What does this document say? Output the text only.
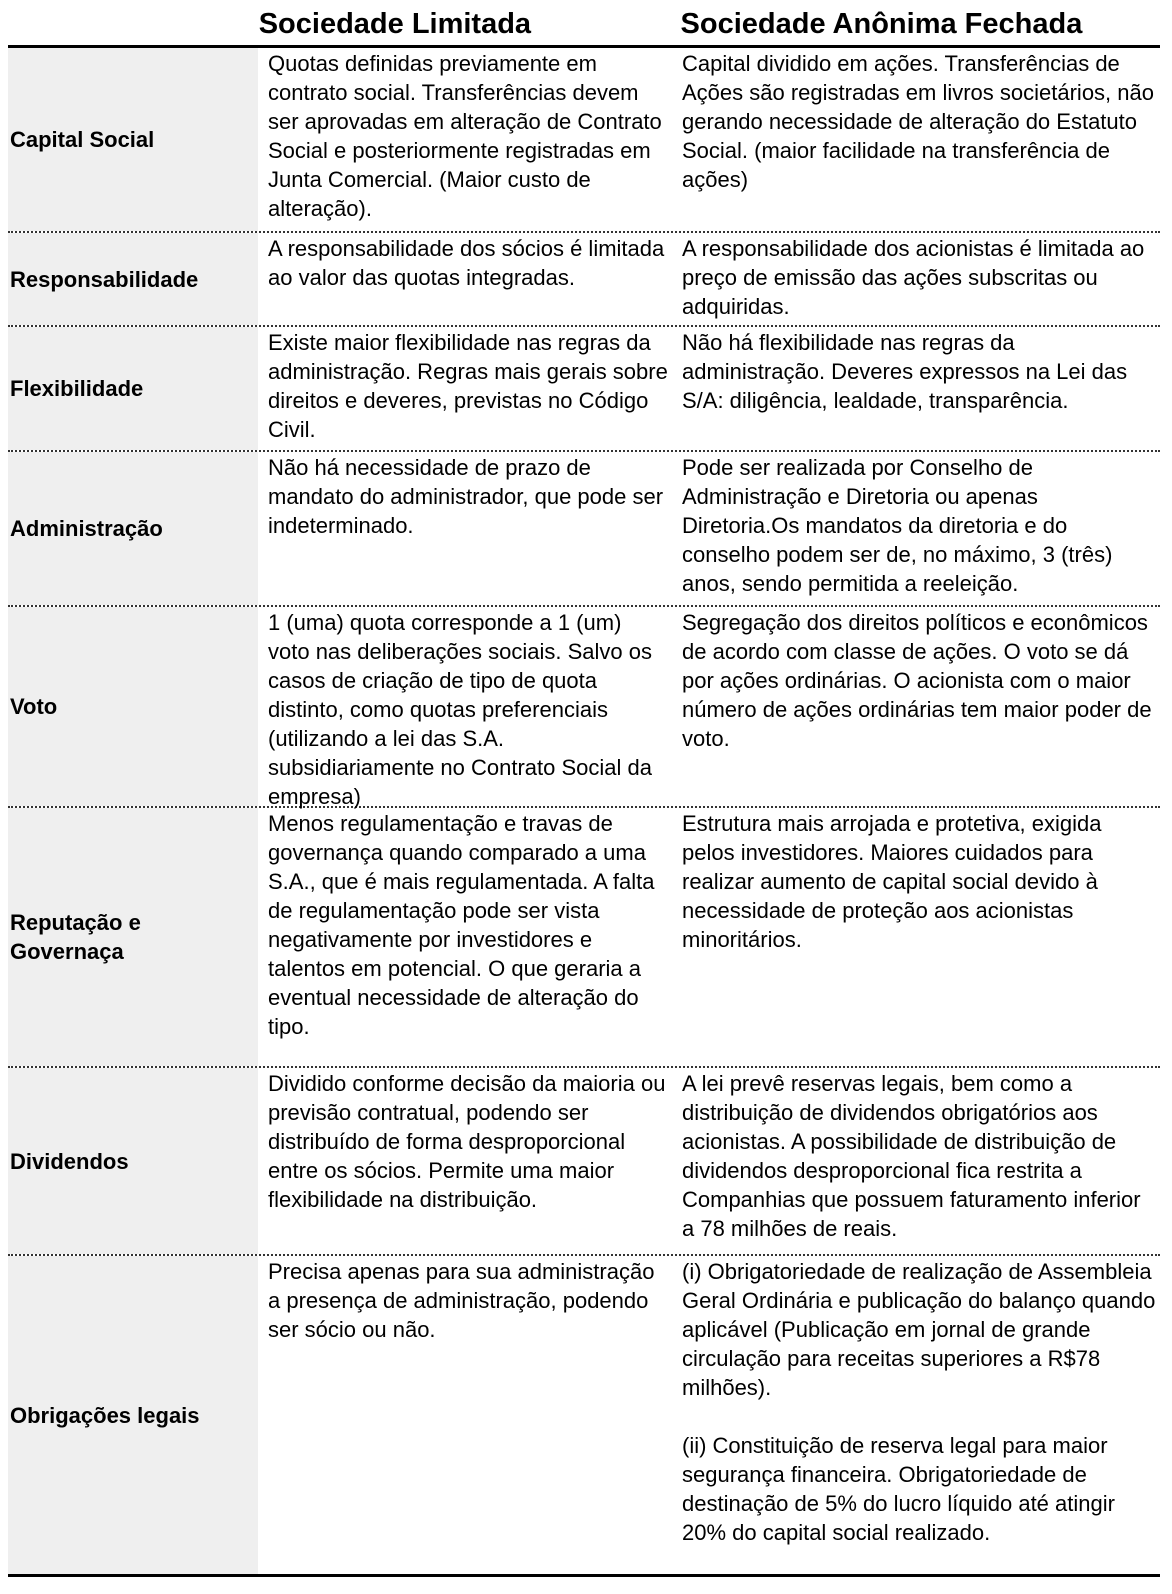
Sociedade Limitada	Sociedade Anônima Fechada
Capital Social
Quotas definidas previamente em contrato social. Transferências devem ser aprovadas em alteração de Contrato Social e posteriormente registradas em Junta Comercial. (Maior custo de alteração).
Capital dividido em ações. Transferências de Ações são registradas em livros societários, não gerando necessidade de alteração do Estatuto Social. (maior facilidade na transferência de ações)
Responsabilidade
A responsabilidade dos sócios é limitada ao valor das quotas integradas.
A responsabilidade dos acionistas é limitada ao preço de emissão das ações subscritas ou adquiridas.
Flexibilidade
Existe maior flexibilidade nas regras da administração. Regras mais gerais sobre direitos e deveres, previstas no Código Civil.
Não há flexibilidade nas regras da administração. Deveres expressos na Lei das S/A: diligência, lealdade, transparência.
Administração
Não há necessidade de prazo de mandato do administrador, que pode ser indeterminado.
Pode ser realizada por Conselho de Administração e Diretoria ou apenas Diretoria.Os mandatos da diretoria e do conselho podem ser de, no máximo, 3 (três) anos, sendo permitida a reeleição.
Voto
1 (uma) quota corresponde a 1 (um) voto nas deliberações sociais. Salvo os casos de criação de tipo de quota distinto, como quotas preferenciais (utilizando a lei das S.A. subsidiariamente no Contrato Social da empresa)
Segregação dos direitos políticos e econômicos de acordo com classe de ações. O voto se dá por ações ordinárias. O acionista com o maior número de ações ordinárias tem maior poder de voto.
Reputação e Governaça
Menos regulamentação e travas de governança quando comparado a uma S.A., que é mais regulamentada. A falta de regulamentação pode ser vista negativamente por investidores e talentos em potencial. O que geraria a eventual necessidade de alteração do tipo.
Estrutura mais arrojada e protetiva, exigida pelos investidores. Maiores cuidados para realizar aumento de capital social devido à necessidade de proteção aos acionistas minoritários.
Dividendos
Dividido conforme decisão da maioria ou previsão contratual, podendo ser distribuído de forma desproporcional entre os sócios. Permite uma maior flexibilidade na distribuição.
A lei prevê reservas legais, bem como a distribuição de dividendos obrigatórios aos acionistas. A possibilidade de distribuição de dividendos desproporcional fica restrita a Companhias que possuem faturamento inferior a 78 milhões de reais.
Obrigações legais
Precisa apenas para sua administração a presença de administração, podendo ser sócio ou não.
(i) Obrigatoriedade de realização de Assembleia Geral Ordinária e publicação do balanço quando aplicável (Publicação em jornal de grande circulação para receitas superiores a R$78 milhões).

(ii) Constituição de reserva legal para maior segurança financeira. Obrigatoriedade de destinação de 5% do lucro líquido até atingir 20% do capital social realizado.
